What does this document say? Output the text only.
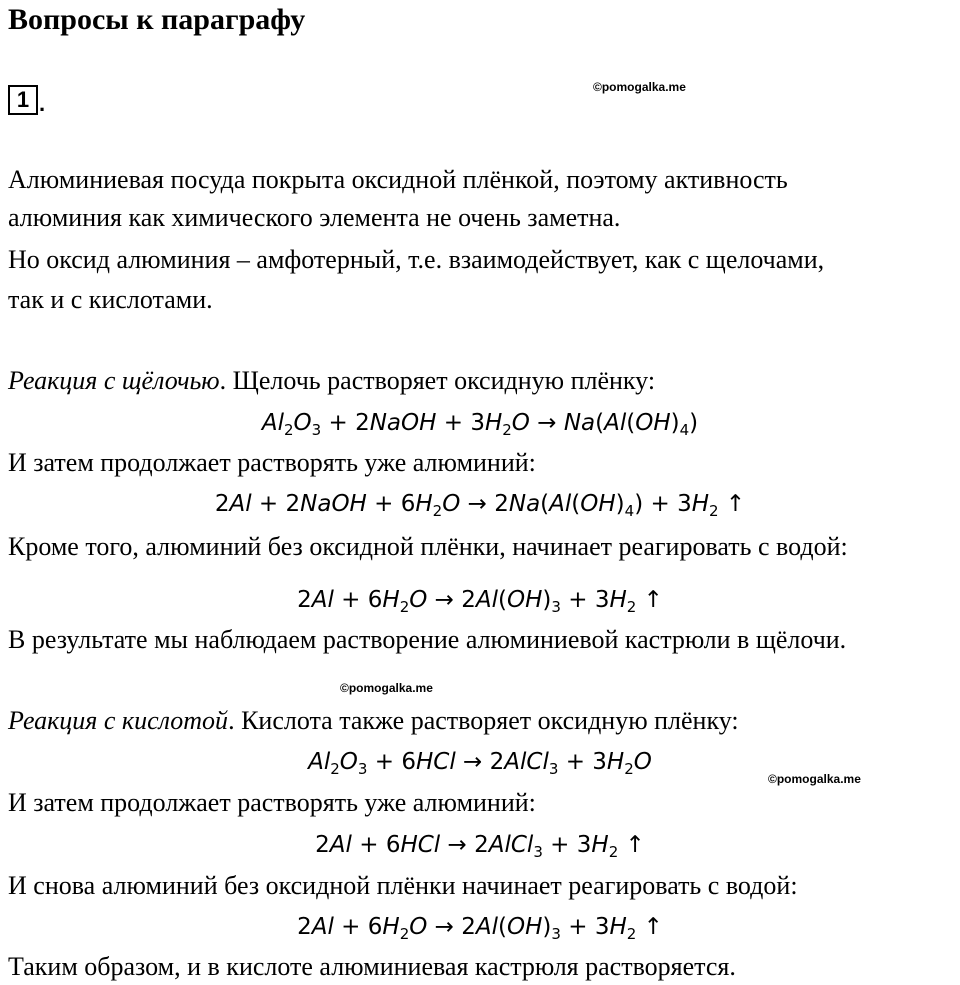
Вопросы к параграфу
1 .
©pomogalka.me
Алюминиевая посуда покрыта оксидной плёнкой, поэтому активность
алюминия как химического элемента не очень заметна.
Но оксид алюминия – амфотерный, т.е. взаимодействует, как с щелочами,
так и с кислотами.
Реакция с щёлочью. Щелочь растворяет оксидную плёнку:
$Al_2O_3$ + 2NaOH + $3H_2O \to Na(Al(OH)_4)$
И затем продолжает растворять уже алюминий:
2Al + 2NaOH + $6H_2O \to 2Na(Al(OH)_4) + 3H_2$ ↑
Кроме того, алюминий без оксидной плёнки, начинает реагировать с водой:
$2Al + 6H_2O \to 2Al(OH)_3 + 3H_2$ ↑
В результате мы наблюдаем растворение алюминиевой кастрюли в щёлочи.
©pomogalka.me
Реакция с кислотой. Кислота также растворяет оксидную плёнку:
$Al_2O_3 + 6HCl$ → 2AlCl$_3$ + $3H_2O$
©pomogalka.me
И затем продолжает растворять уже алюминий:
2Al + 6HCl → 2AlCl$_3$ + $3H_2$ ↑
И снова алюминий без оксидной плёнки начинает реагировать с водой:
$2Al + 6H_2O \to 2Al(OH)_3 + 3H_2$ ↑
Таким образом, и в кислоте алюминиевая кастрюля растворяется.
